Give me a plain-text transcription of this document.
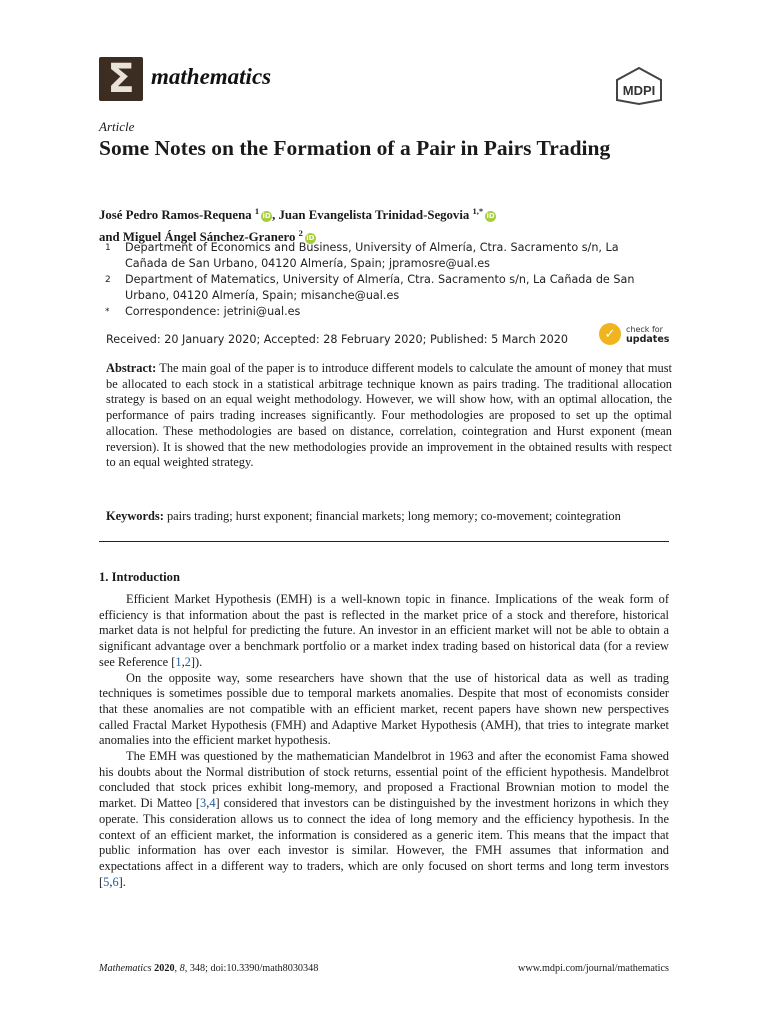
Σ mathematics
MDPI
Article
Some Notes on the Formation of a Pair in Pairs Trading
José Pedro Ramos-Requena $^1$ iD, Juan Evangelista Trinidad-Segovia $^{1,*}$ iD
and Miguel Ángel Sánchez-Granero $^2$ iD
1 Department of Economics and Business, University of Almería, Ctra. Sacramento s/n, La Cañada de San Urbano, 04120 Almería, Spain; jpramosre@ual.es
2 Department of Matematics, University of Almería, Ctra. Sacramento s/n, La Cañada de San Urbano, 04120 Almería, Spain; misanche@ual.es
* Correspondence: jetrini@ual.es
Received: 20 January 2020; Accepted: 28 February 2020; Published: 5 March 2020	✓	check for
updates
Abstract: The main goal of the paper is to introduce different models to calculate the amount of money that must be allocated to each stock in a statistical arbitrage technique known as pairs trading. The traditional allocation strategy is based on an equal weight methodology. However, we will show how, with an optimal allocation, the performance of pairs trading increases significantly. Four methodologies are proposed to set up the optimal allocation. These methodologies are based on distance, correlation, cointegration and Hurst exponent (mean reversion). It is showed that the new methodologies provide an improvement in the obtained results with respect to an equal weighted strategy.
Keywords: pairs trading; hurst exponent; financial markets; long memory; co-movement; cointegration
1. Introduction

Efficient Market Hypothesis (EMH) is a well-known topic in finance. Implications of the weak form of efficiency is that information about the past is reflected in the market price of a stock and therefore, historical market data is not helpful for predicting the future. An investor in an efficient market will not be able to obtain a significant advantage over a benchmark portfolio or a market index trading based on historical data (for a review see Reference [1,2]).

On the opposite way, some researchers have shown that the use of historical data as well as trading techniques is sometimes possible due to temporal markets anomalies. Despite that most of economists consider that these anomalies are not compatible with an efficient market, recent papers have shown new perspectives called Fractal Market Hypothesis (FMH) and Adaptive Market Hypothesis (AMH), that tries to integrate market anomalies into the efficient market hypothesis.

The EMH was questioned by the mathematician Mandelbrot in 1963 and after the economist Fama showed his doubts about the Normal distribution of stock returns, essential point of the efficient hypothesis. Mandelbrot concluded that stock prices exhibit long-memory, and proposed a Fractional Brownian motion to model the market. Di Matteo [3,4] considered that investors can be distinguished by the investment horizons in which they operate. This consideration allows us to connect the idea of long memory and the efficiency hypothesis. In the context of an efficient market, the information is considered as a generic item. This means that the impact that public information has over each investor is similar. However, the FMH assumes that information and expectations affect in a different way to traders, which are only focused on short terms and long term investors [5,6].

Mathematics 2020, 8, 348; doi:10.3390/math8030348	www.mdpi.com/journal/mathematics
